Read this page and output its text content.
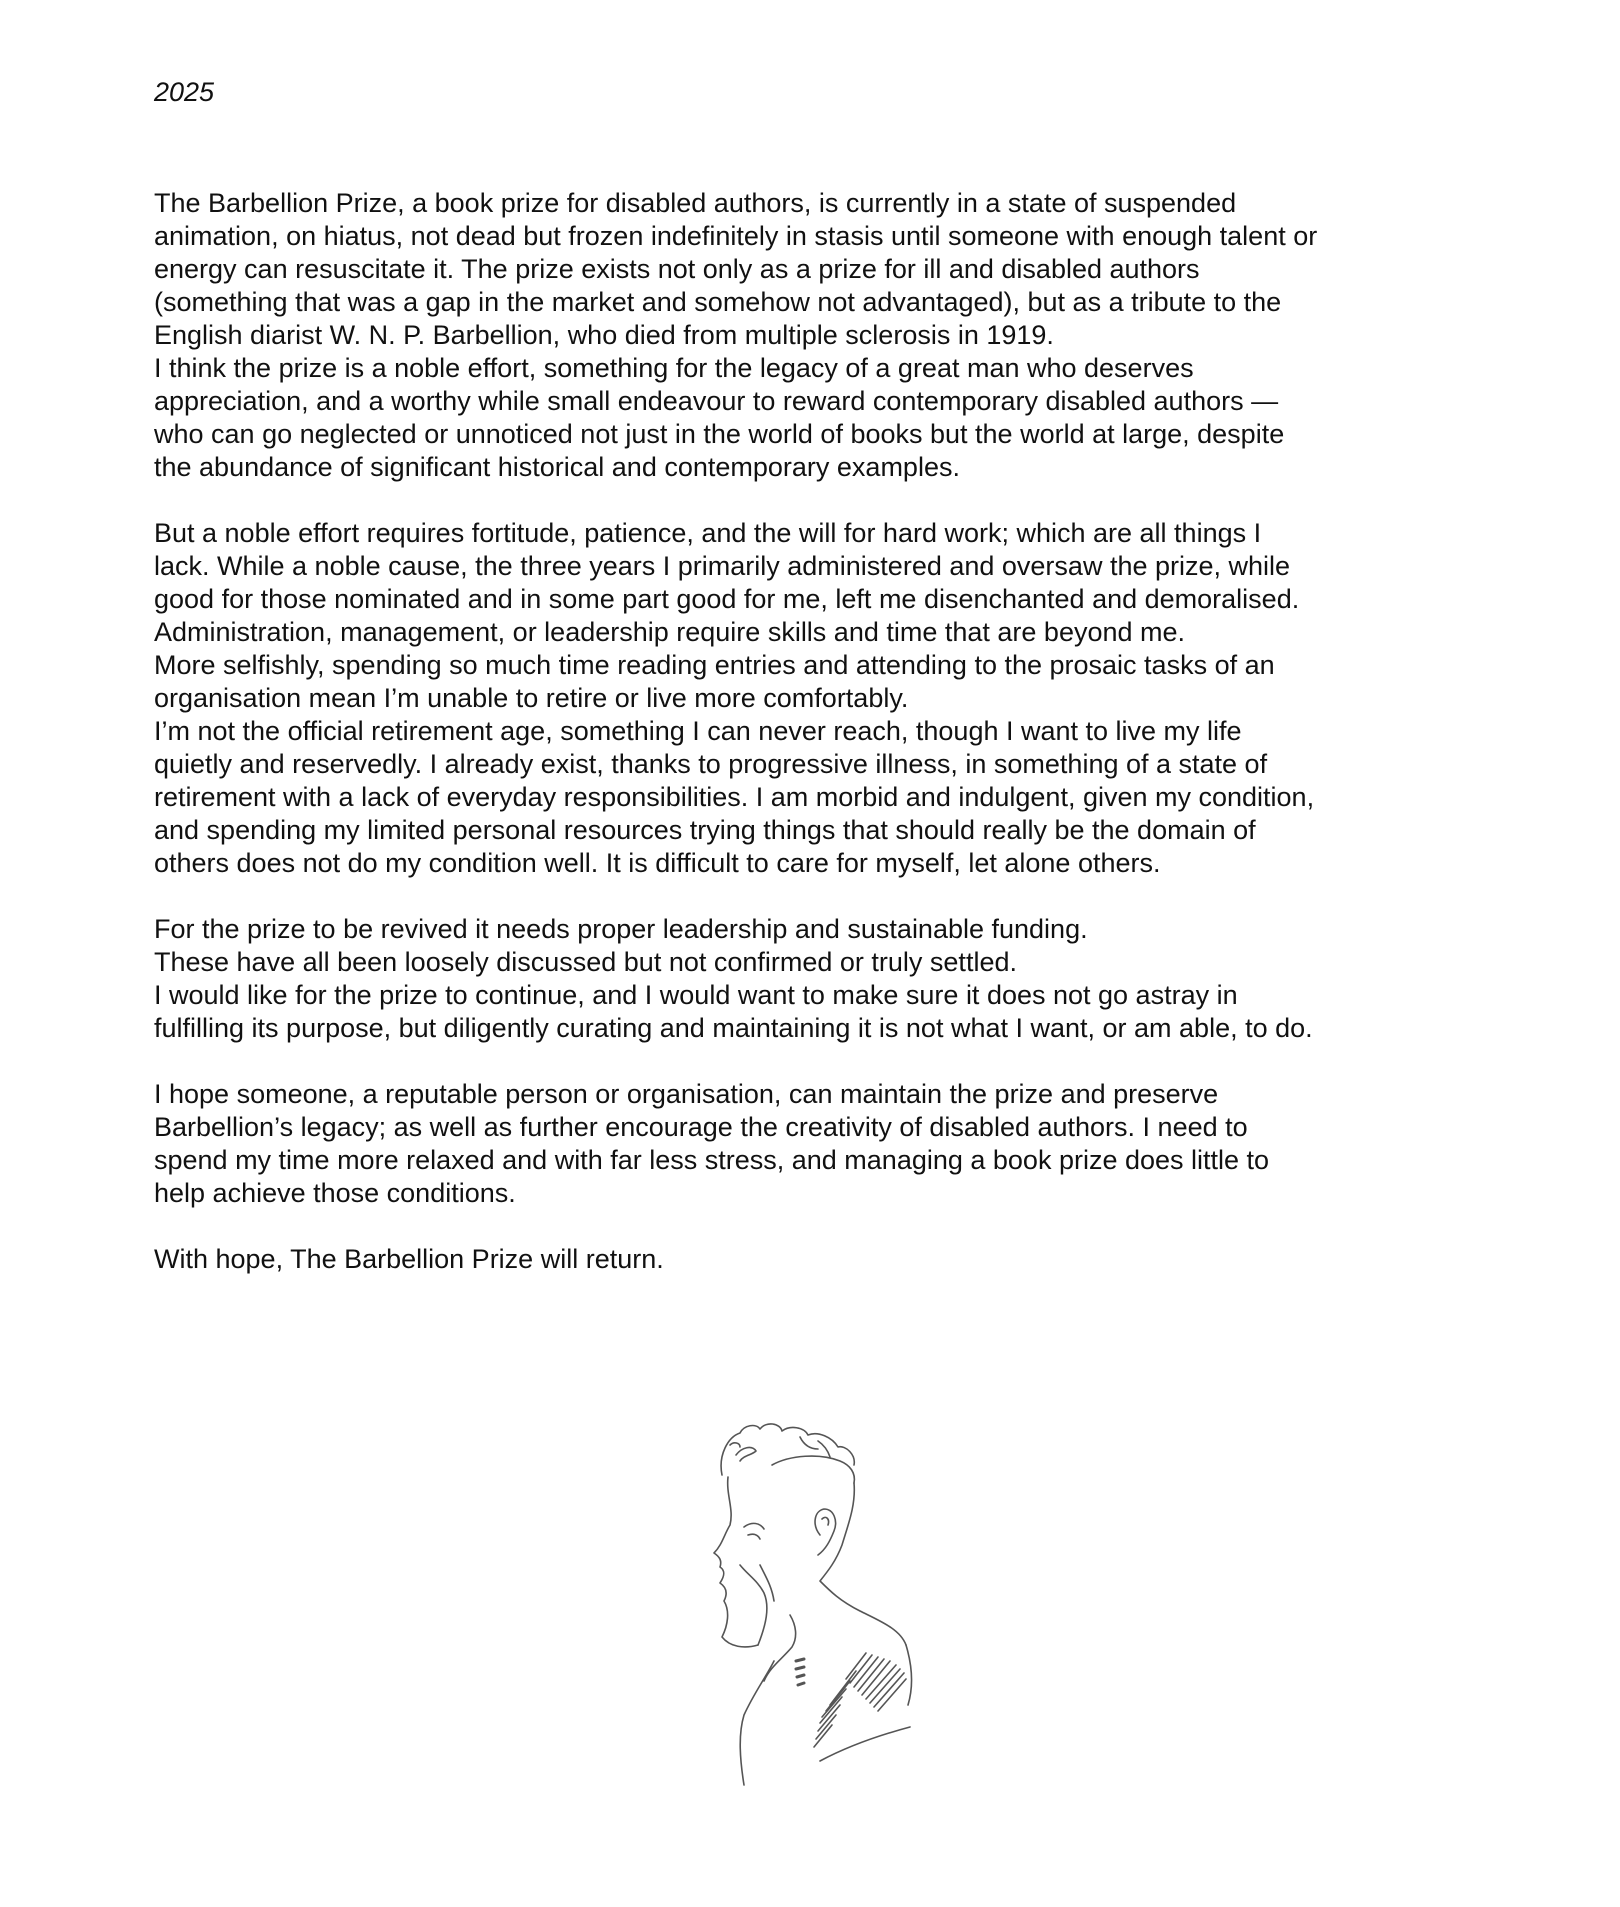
2025

The Barbellion Prize, a book prize for disabled authors, is currently in a state of suspended
animation, on hiatus, not dead but frozen indefinitely in stasis until someone with enough talent or
energy can resuscitate it. The prize exists not only as a prize for ill and disabled authors
(something that was a gap in the market and somehow not advantaged), but as a tribute to the
English diarist W. N. P. Barbellion, who died from multiple sclerosis in 1919.
I think the prize is a noble effort, something for the legacy of a great man who deserves
appreciation, and a worthy while small endeavour to reward contemporary disabled authors —
who can go neglected or unnoticed not just in the world of books but the world at large, despite
the abundance of significant historical and contemporary examples.

But a noble effort requires fortitude, patience, and the will for hard work; which are all things I
lack. While a noble cause, the three years I primarily administered and oversaw the prize, while
good for those nominated and in some part good for me, left me disenchanted and demoralised.
Administration, management, or leadership require skills and time that are beyond me.
More selfishly, spending so much time reading entries and attending to the prosaic tasks of an
organisation mean I’m unable to retire or live more comfortably.
I’m not the official retirement age, something I can never reach, though I want to live my life
quietly and reservedly. I already exist, thanks to progressive illness, in something of a state of
retirement with a lack of everyday responsibilities. I am morbid and indulgent, given my condition,
and spending my limited personal resources trying things that should really be the domain of
others does not do my condition well. It is difficult to care for myself, let alone others.

For the prize to be revived it needs proper leadership and sustainable funding.
These have all been loosely discussed but not confirmed or truly settled.
I would like for the prize to continue, and I would want to make sure it does not go astray in
fulfilling its purpose, but diligently curating and maintaining it is not what I want, or am able, to do.

I hope someone, a reputable person or organisation, can maintain the prize and preserve
Barbellion’s legacy; as well as further encourage the creativity of disabled authors. I need to
spend my time more relaxed and with far less stress, and managing a book prize does little to
help achieve those conditions.

With hope, The Barbellion Prize will return.
